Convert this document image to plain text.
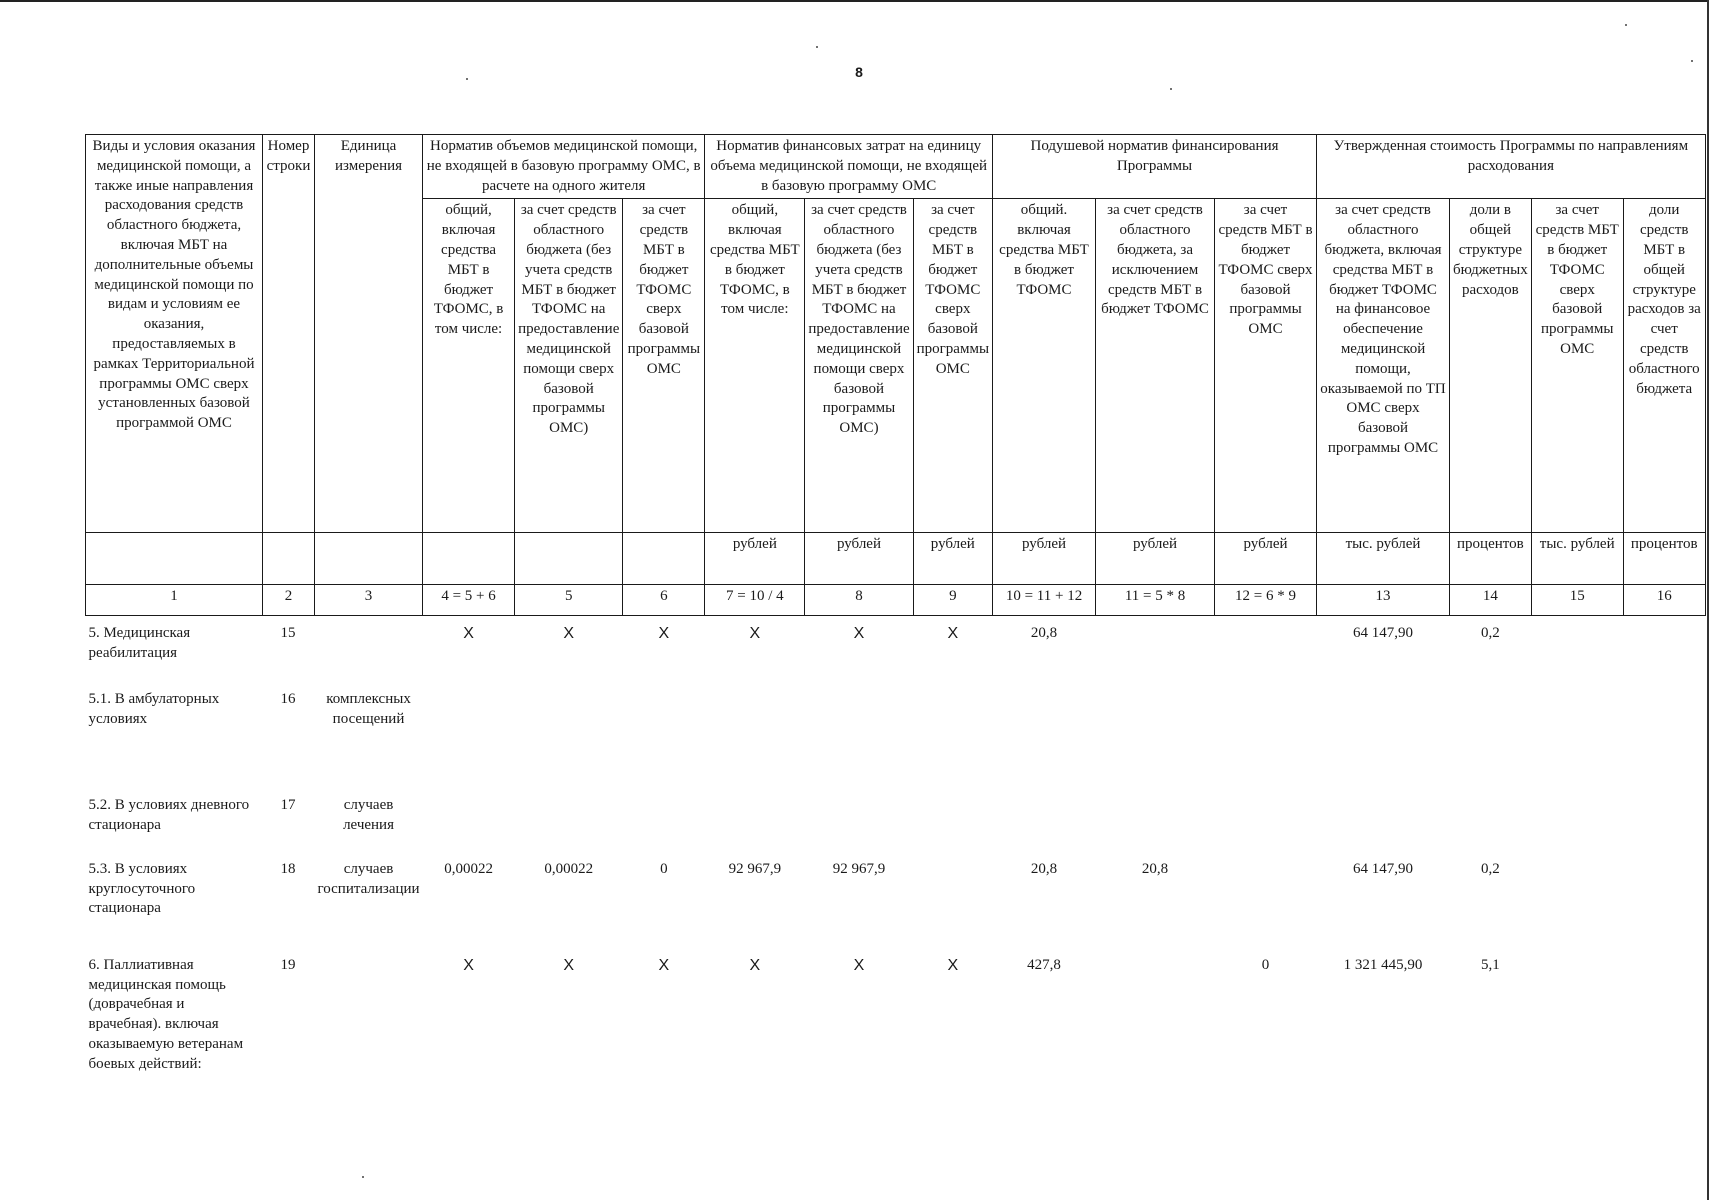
8
Виды и условия оказания медицинской помощи, а также иные направления расходования средств областного бюджета, включая МБТ на дополнительные объемы медицинской помощи по видам и условиям ее оказания, предоставляемых в рамках Территориальной программы ОМС сверх установленных базовой программой ОМС	Номер строки	Единица измерения	Норматив объемов медицинской помощи, не входящей в базовую программу ОМС, в расчете на одного жителя			Норматив финансовых затрат на единицу объема медицинской помощи, не входящей в базовую программу ОМС			Подушевой норматив финансирования Программы			Утвержденная стоимость Программы по направлениям расходования			
			общий, включая средства МБТ в бюджет ТФОМС, в том числе:	за счет средств областного бюджета (без учета средств МБТ в бюджет ТФОМС на предоставление медицинской помощи сверх базовой программы ОМС)	за счет средств МБТ в бюджет ТФОМС сверх базовой программы ОМС	общий, включая средства МБТ в бюджет ТФОМС, в том числе:	за счет средств областного бюджета (без учета средств МБТ в бюджет ТФОМС на предоставление медицинской помощи сверх базовой программы ОМС)	за счет средств МБТ в бюджет ТФОМС сверх базовой программы ОМС	общий. включая средства МБТ в бюджет ТФОМС	за счет средств областного бюджета, за исключением средств МБТ в бюджет ТФОМС	за счет средств МБТ в бюджет ТФОМС сверх базовой программы ОМС	за счет средств областного бюджета, включая средства МБТ в бюджет ТФОМС на финансовое обеспечение медицинской помощи, оказываемой по ТП ОМС сверх базовой программы ОМС	доли в общей структуре бюджетных расходов	за счет средств МБТ в бюджет ТФОМС сверх базовой программы ОМС	доли средств МБТ в общей структуре расходов за счет средств областного бюджета
						рублей	рублей	рублей	рублей	рублей	рублей	тыс. рублей	процентов	тыс. рублей	процентов
1	2	3	4 = 5 + 6	5	6	7 = 10 / 4	8	9	10 = 11 + 12	11 = 5 * 8	12 = 6 * 9	13	14	15	16
5. Медицинская реабилитация	15		X	X	X	X	X	X	20,8			64 147,90	0,2		
5.1. В амбулаторных условиях	16	комплексных посещений													
5.2. В условиях дневного стационара	17	случаев лечения													
5.3. В условиях круглосуточного стационара	18	случаев госпитализации	0,00022	0,00022	0	92 967,9	92 967,9		20,8	20,8		64 147,90	0,2		
6. Паллиативная медицинская помощь (доврачебная и врачебная). включая оказываемую ветеранам боевых действий:	19		X	X	X	X	X	X	427,8		0	1 321 445,90	5,1		
